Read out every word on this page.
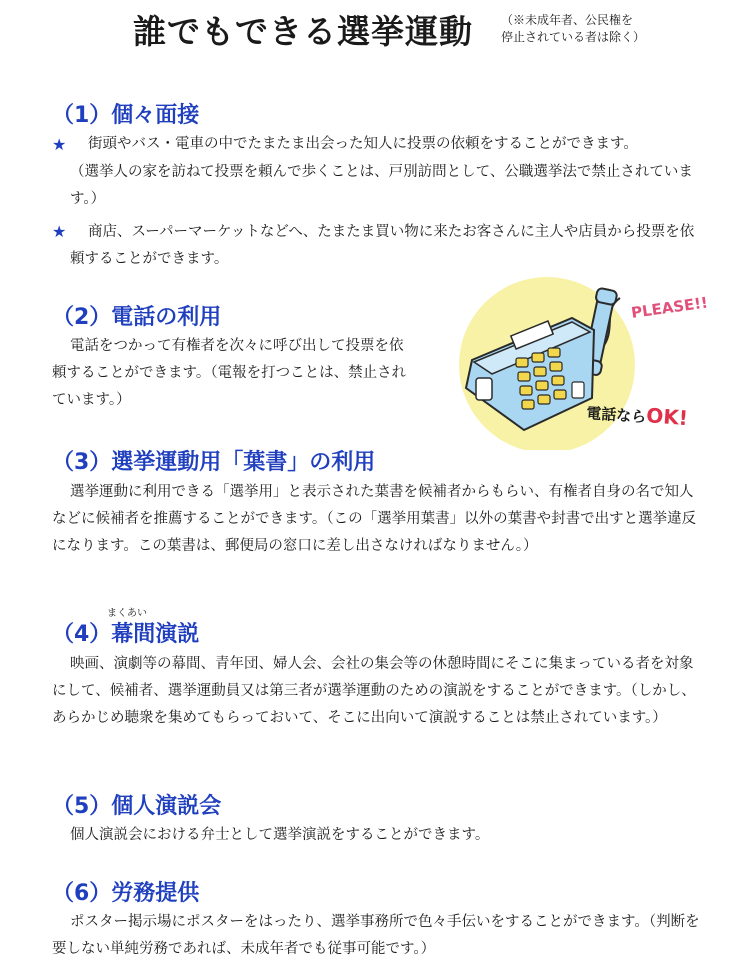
誰でもできる選挙運動 （※未成年者、公民権を
停止されている者は除く）
（1）個々面接
★ 街頭やバス・電車の中でたまたま出会った知人に投票の依頼をすることができます。

（選挙人の家を訪ねて投票を頼んで歩くことは、戸別訪問として、公職選挙法で禁止されています。）

★	商店、スーパーマーケットなどへ、たまたま買い物に来たお客さんに主人や店員から投票を依頼することができます。

（2）電話の利用

電話をつかって有権者を次々に呼び出して投票を依頼することができます。（電報を打つことは、禁止されています。）

PLEASE!!
電話ならOK!
（3）選挙運動用「葉書」の利用

選挙運動に利用できる「選挙用」と表示された葉書を候補者からもらい、有権者自身の名で知人などに候補者を推薦することができます。（この「選挙用葉書」以外の葉書や封書で出すと選挙違反になります。この葉書は、郵便局の窓口に差し出さなければなりません。）

まくあい
（4）幕間演説

映画、演劇等の幕間、青年団、婦人会、会社の集会等の休憩時間にそこに集まっている者を対象にして、候補者、選挙運動員又は第三者が選挙運動のための演説をすることができます。（しかし、あらかじめ聴衆を集めてもらっておいて、そこに出向いて演説することは禁止されています。）

（5）個人演説会

個人演説会における弁士として選挙演説をすることができます。

（6）労務提供

ポスター掲示場にポスターをはったり、選挙事務所で色々手伝いをすることができます。（判断を要しない単純労務であれば、未成年者でも従事可能です。）
